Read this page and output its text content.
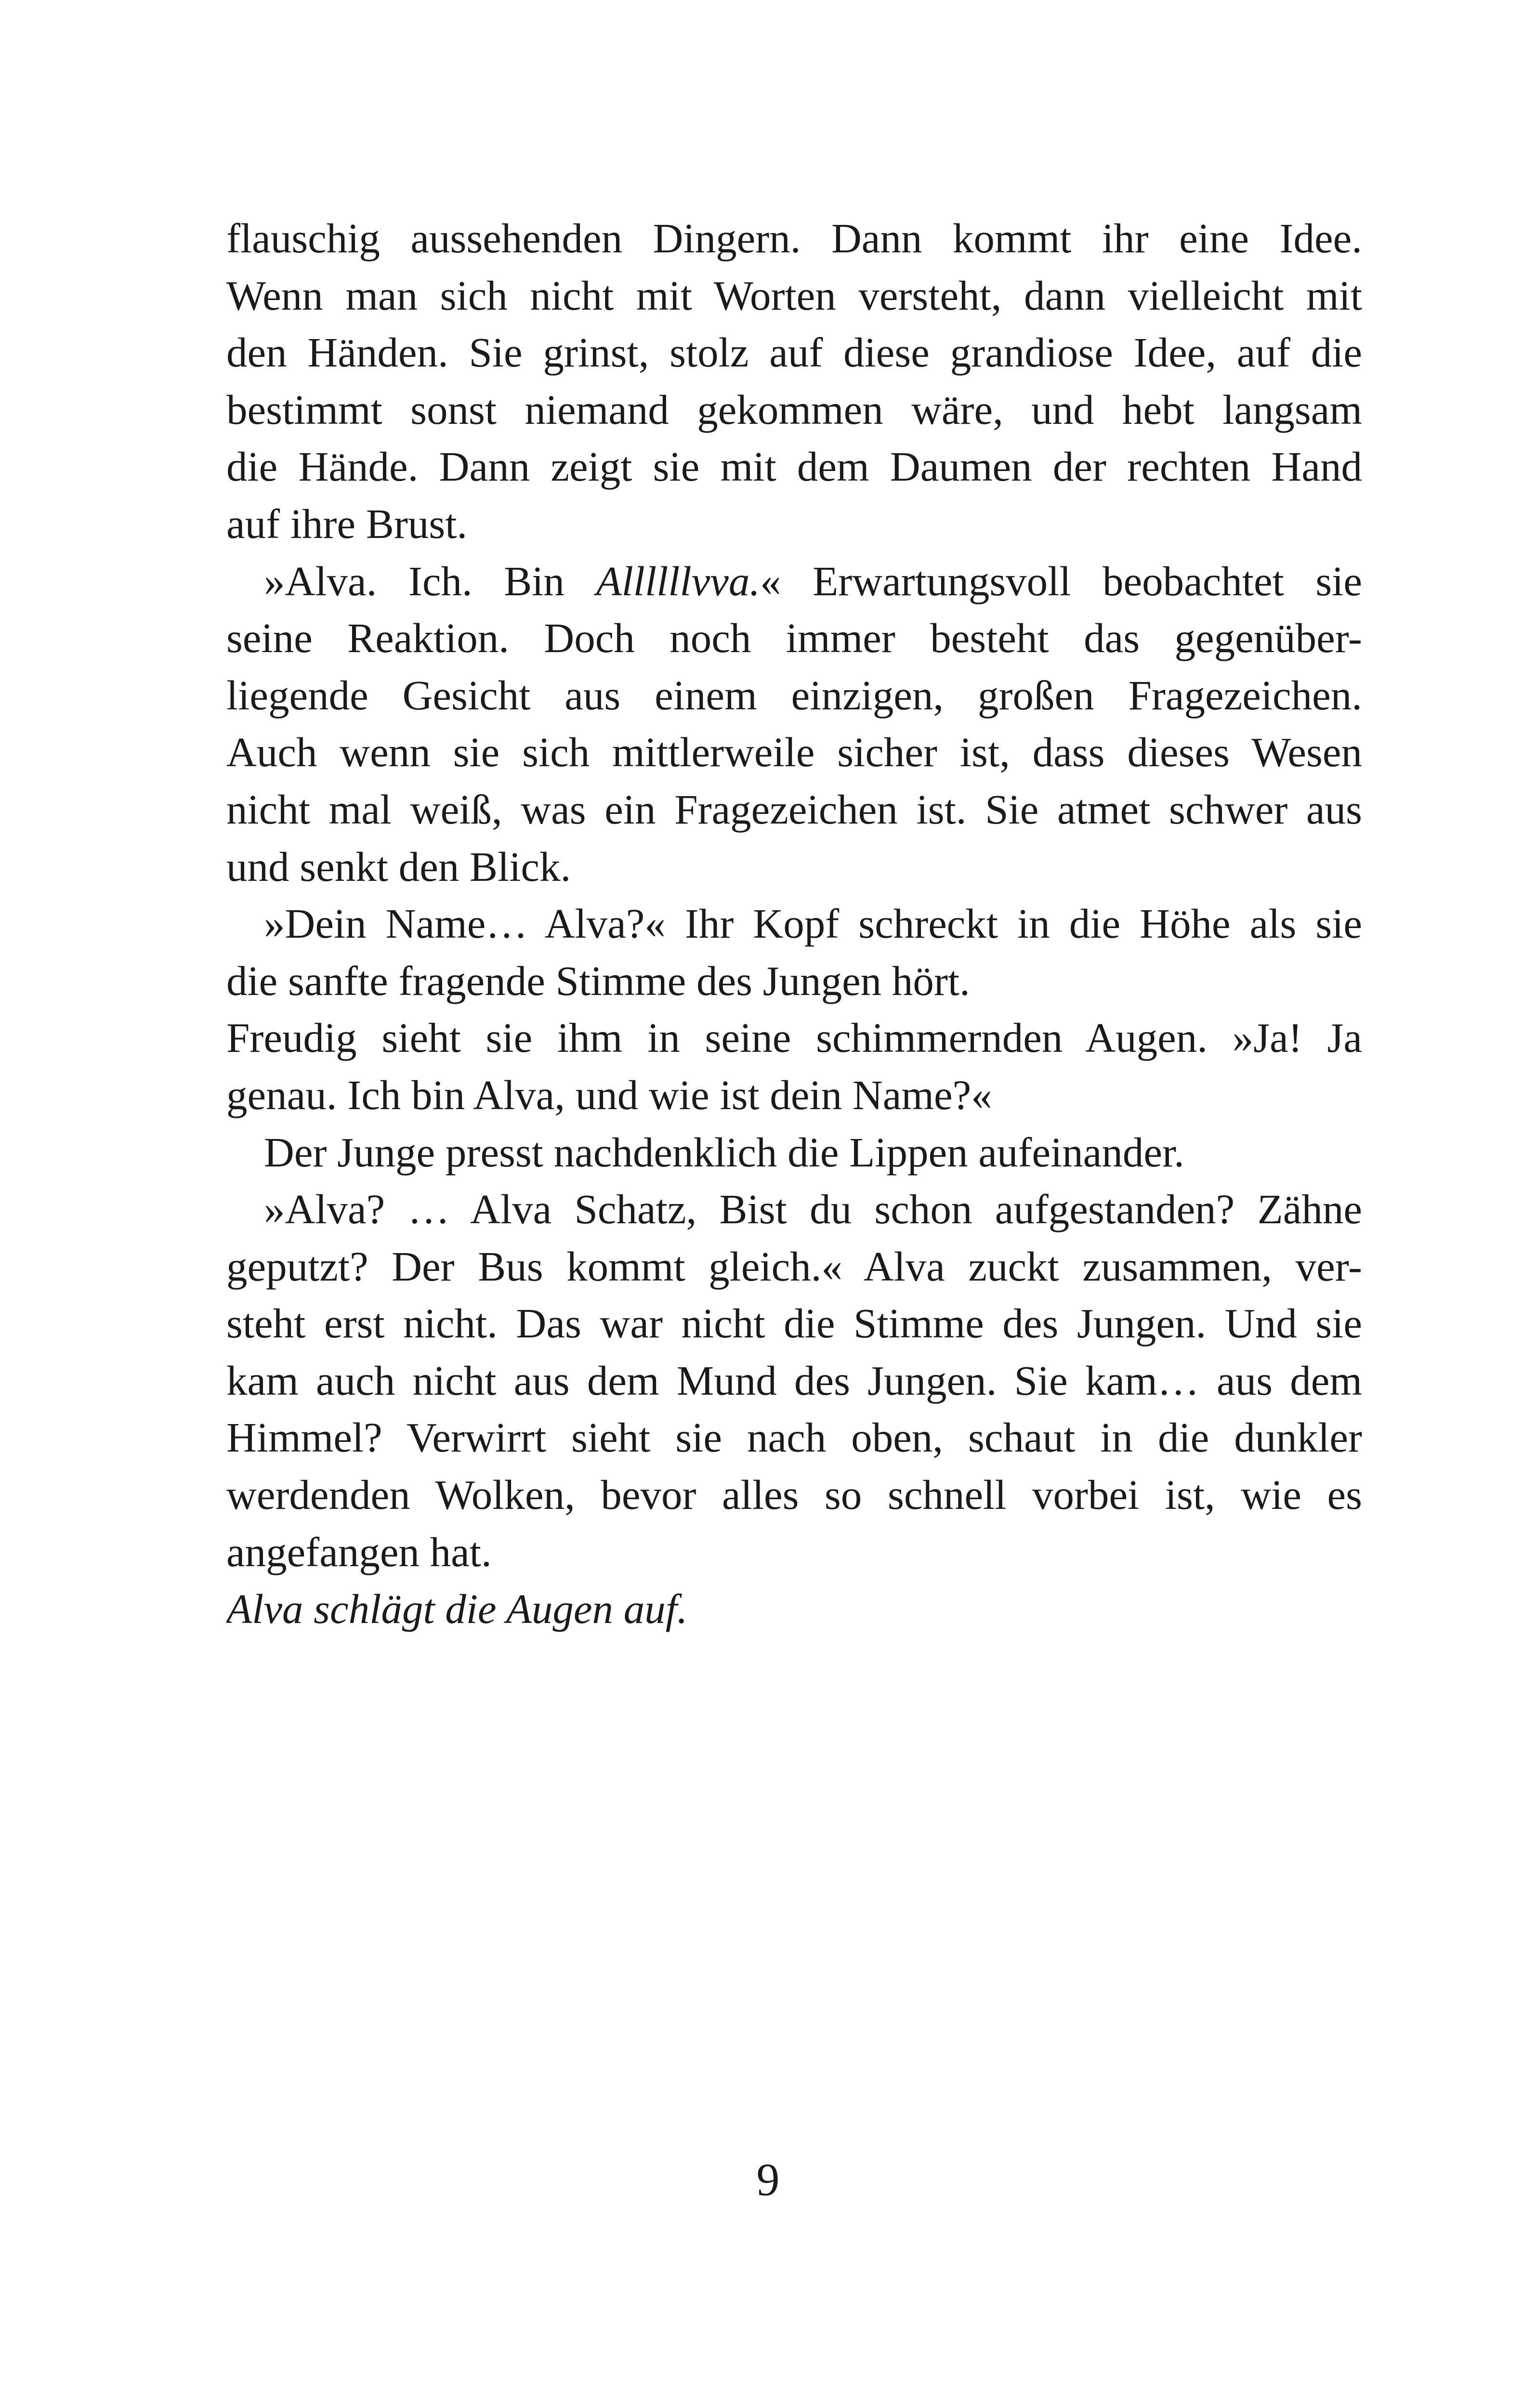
flauschig aussehenden Dingern. Dann kommt ihr eine Idee.
Wenn man sich nicht mit Worten versteht, dann vielleicht mit
den Händen. Sie grinst, stolz auf diese grandiose Idee, auf die
bestimmt sonst niemand gekommen wäre, und hebt langsam
die Hände. Dann zeigt sie mit dem Daumen der rechten Hand
auf ihre Brust.
»Alva. Ich. Bin Allllllvva.« Erwartungsvoll beobachtet sie
seine Reaktion. Doch noch immer besteht das gegenüber-
liegende Gesicht aus einem einzigen, großen Fragezeichen.
Auch wenn sie sich mittlerweile sicher ist, dass dieses Wesen
nicht mal weiß, was ein Fragezeichen ist. Sie atmet schwer aus
und senkt den Blick.
»Dein Name… Alva?« Ihr Kopf schreckt in die Höhe als sie
die sanfte fragende Stimme des Jungen hört.
Freudig sieht sie ihm in seine schimmernden Augen. »Ja! Ja
genau. Ich bin Alva, und wie ist dein Name?«
Der Junge presst nachdenklich die Lippen aufeinander.
»Alva? … Alva Schatz, Bist du schon aufgestanden? Zähne
geputzt? Der Bus kommt gleich.« Alva zuckt zusammen, ver-
steht erst nicht. Das war nicht die Stimme des Jungen. Und sie
kam auch nicht aus dem Mund des Jungen. Sie kam… aus dem
Himmel? Verwirrt sieht sie nach oben, schaut in die dunkler
werdenden Wolken, bevor alles so schnell vorbei ist, wie es
angefangen hat.
Alva schlägt die Augen auf.
9
